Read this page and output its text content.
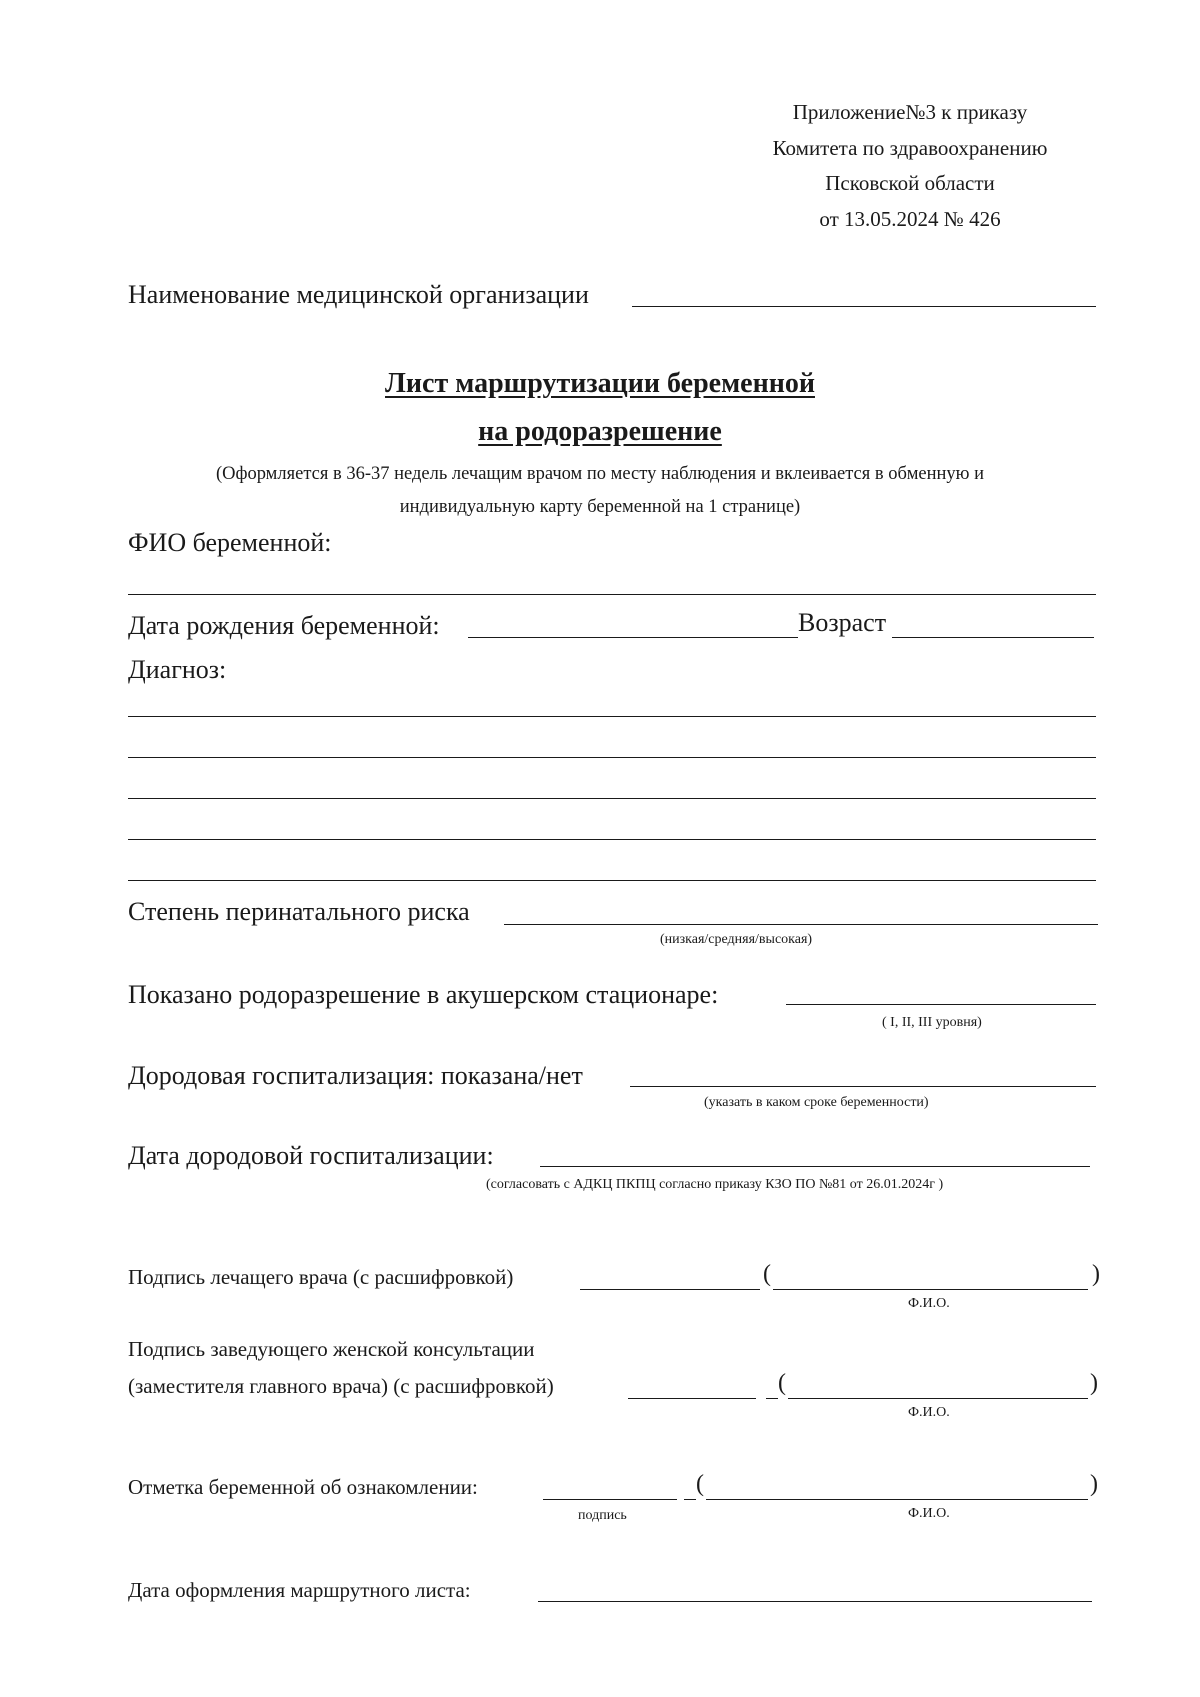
Приложение№3 к приказу
Комитета по здравоохранению
Псковской области
от 13.05.2024 № 426
Наименование медицинской организации
Лист маршрутизации беременной
на родоразрешение
(Оформляется в 36-37 недель лечащим врачом по месту наблюдения и вклеивается в обменную и
индивидуальную карту беременной на 1 странице)
ФИО беременной:
Дата рождения беременной:	Возраст
Диагноз:
Степень перинатального риска
(низкая/средняя/высокая)
Показано родоразрешение в акушерском стационаре:
( I, II, III уровня)
Дородовая госпитализация: показана/нет
(указать в каком сроке беременности)
Дата дородовой госпитализации:
(согласовать с АДКЦ ПКПЦ согласно приказу КЗО ПО №81 от 26.01.2024г )
Подпись лечащего врача (с расшифровкой)	(	)
Ф.И.О.
Подпись заведующего женской консультации
(заместителя главного врача) (с расшифровкой)	(	)
Ф.И.О.
Отметка беременной об ознакомлении:	(	)
подпись	Ф.И.О.
Дата оформления маршрутного листа:
